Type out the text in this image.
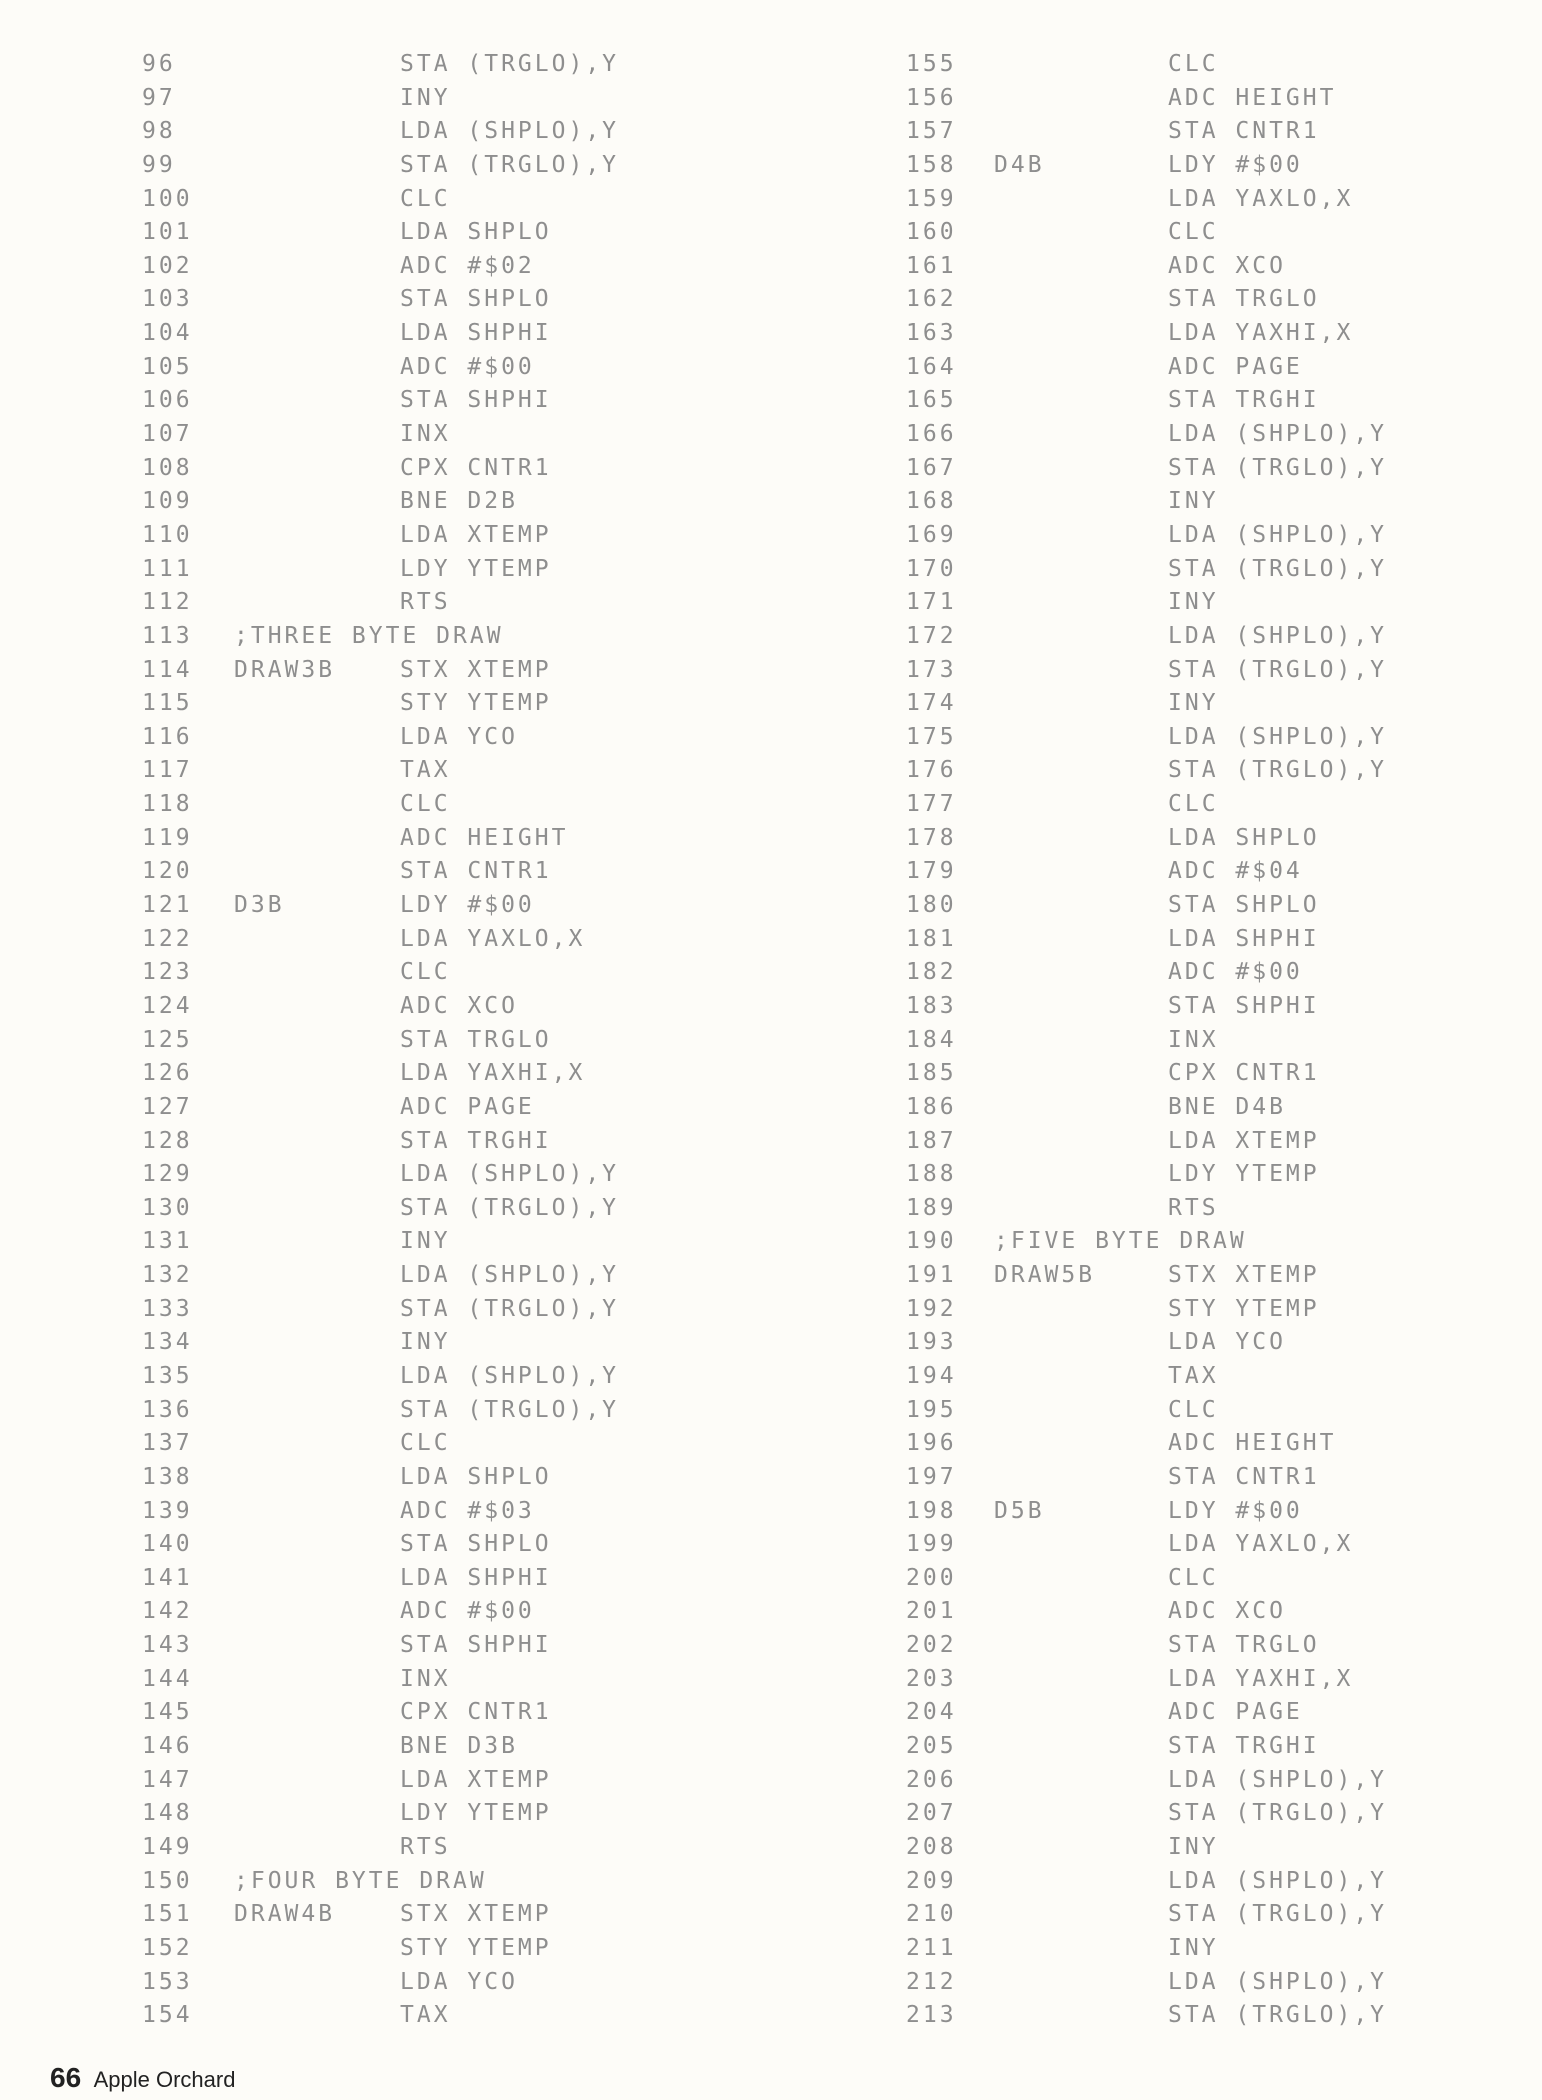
96	STA (TRGLO),Y
97	INY
98	LDA (SHPLO),Y
99	STA (TRGLO),Y
100	CLC
101	LDA SHPLO
102	ADC #$02
103	STA SHPLO
104	LDA SHPHI
105	ADC #$00
106	STA SHPHI
107	INX
108	CPX CNTR1
109	BNE D2B
110	LDA XTEMP
111	LDY YTEMP
112	RTS
113 ;THREE BYTE DRAW
114 DRAW3B	STX XTEMP
115	STY YTEMP
116	LDA YCO
117	TAX
118	CLC
119	ADC HEIGHT
120	STA CNTR1
121 D3B	LDY #$00
122	LDA YAXLO,X
123	CLC
124	ADC XCO
125	STA TRGLO
126	LDA YAXHI,X
127	ADC PAGE
128	STA TRGHI
129	LDA (SHPLO),Y
130	STA (TRGLO),Y
131	INY
132	LDA (SHPLO),Y
133	STA (TRGLO),Y
134	INY
135	LDA (SHPLO),Y
136	STA (TRGLO),Y
137	CLC
138	LDA SHPLO
139	ADC #$03
140	STA SHPLO
141	LDA SHPHI
142	ADC #$00
143	STA SHPHI
144	INX
145	CPX CNTR1
146	BNE D3B
147	LDA XTEMP
148	LDY YTEMP
149	RTS
150 ;FOUR BYTE DRAW
151 DRAW4B	STX XTEMP
152	STY YTEMP
153	LDA YCO
154	TAX
155	CLC
156	ADC HEIGHT
157	STA CNTR1
158 D4B	LDY #$00
159	LDA YAXLO,X
160	CLC
161	ADC XCO
162	STA TRGLO
163	LDA YAXHI,X
164	ADC PAGE
165	STA TRGHI
166	LDA (SHPLO),Y
167	STA (TRGLO),Y
168	INY
169	LDA (SHPLO),Y
170	STA (TRGLO),Y
171	INY
172	LDA (SHPLO),Y
173	STA (TRGLO),Y
174	INY
175	LDA (SHPLO),Y
176	STA (TRGLO),Y
177	CLC
178	LDA SHPLO
179	ADC #$04
180	STA SHPLO
181	LDA SHPHI
182	ADC #$00
183	STA SHPHI
184	INX
185	CPX CNTR1
186	BNE D4B
187	LDA XTEMP
188	LDY YTEMP
189	RTS
190 ;FIVE BYTE DRAW
191 DRAW5B	STX XTEMP
192	STY YTEMP
193	LDA YCO
194	TAX
195	CLC
196	ADC HEIGHT
197	STA CNTR1
198 D5B	LDY #$00
199	LDA YAXLO,X
200	CLC
201	ADC XCO
202	STA TRGLO
203	LDA YAXHI,X
204	ADC PAGE
205	STA TRGHI
206	LDA (SHPLO),Y
207	STA (TRGLO),Y
208	INY
209	LDA (SHPLO),Y
210	STA (TRGLO),Y
211	INY
212	LDA (SHPLO),Y
213	STA (TRGLO),Y
66 Apple Orchard
